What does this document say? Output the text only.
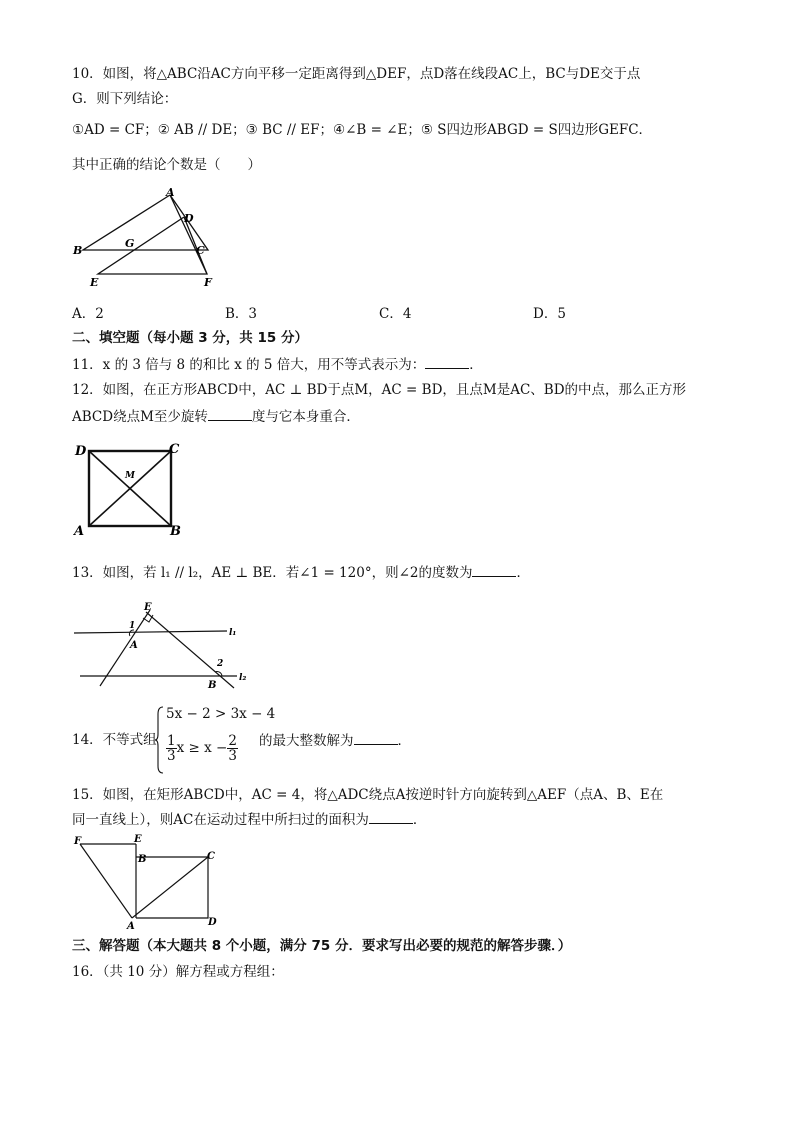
10．如图，将△ABC沿AC方向平移一定距离得到△DEF，点D落在线段AC上，BC与DE交于点
G．则下列结论：
①AD = CF；② AB // DE；③ BC // EF；④∠B = ∠E；⑤ S四边形ABGD = S四边形GEFC．
其中正确的结论个数是（　　）
A
B	C
D
E	F
G
A．2	B．3	C．4	D．5
二、填空题（每小题 3 分，共 15 分）
11．x 的 3 倍与 8 的和比 x 的 5 倍大，用不等式表示为：	．
12．如图，在正方形ABCD中，AC ⊥ BD于点M，AC = BD，且点M是AC、BD的中点，那么正方形
ABCD绕点M至少旋转	度与它本身重合．
D	C
A	B
M
13．如图，若 l₁ // l₂，AE ⊥ BE．若∠1 = 120°，则∠2的度数为	．
E
A
B
1
2
l₁
l₂
14．不等式组
5x − 2 > 3x − 4
$\frac{1}{3}$ $x \ge x - \frac{2}{3}$ 的最大整数解为	．
15．如图，在矩形ABCD中，AC = 4，将△ADC绕点A按逆时针方向旋转到△AEF（点A、B、E在
同一直线上），则AC在运动过程中所扫过的面积为	．
F	E
B	C
A	D
三、解答题（本大题共 8 个小题，满分 75 分．要求写出必要的规范的解答步骤．）
16．（共 10 分）解方程或方程组：
